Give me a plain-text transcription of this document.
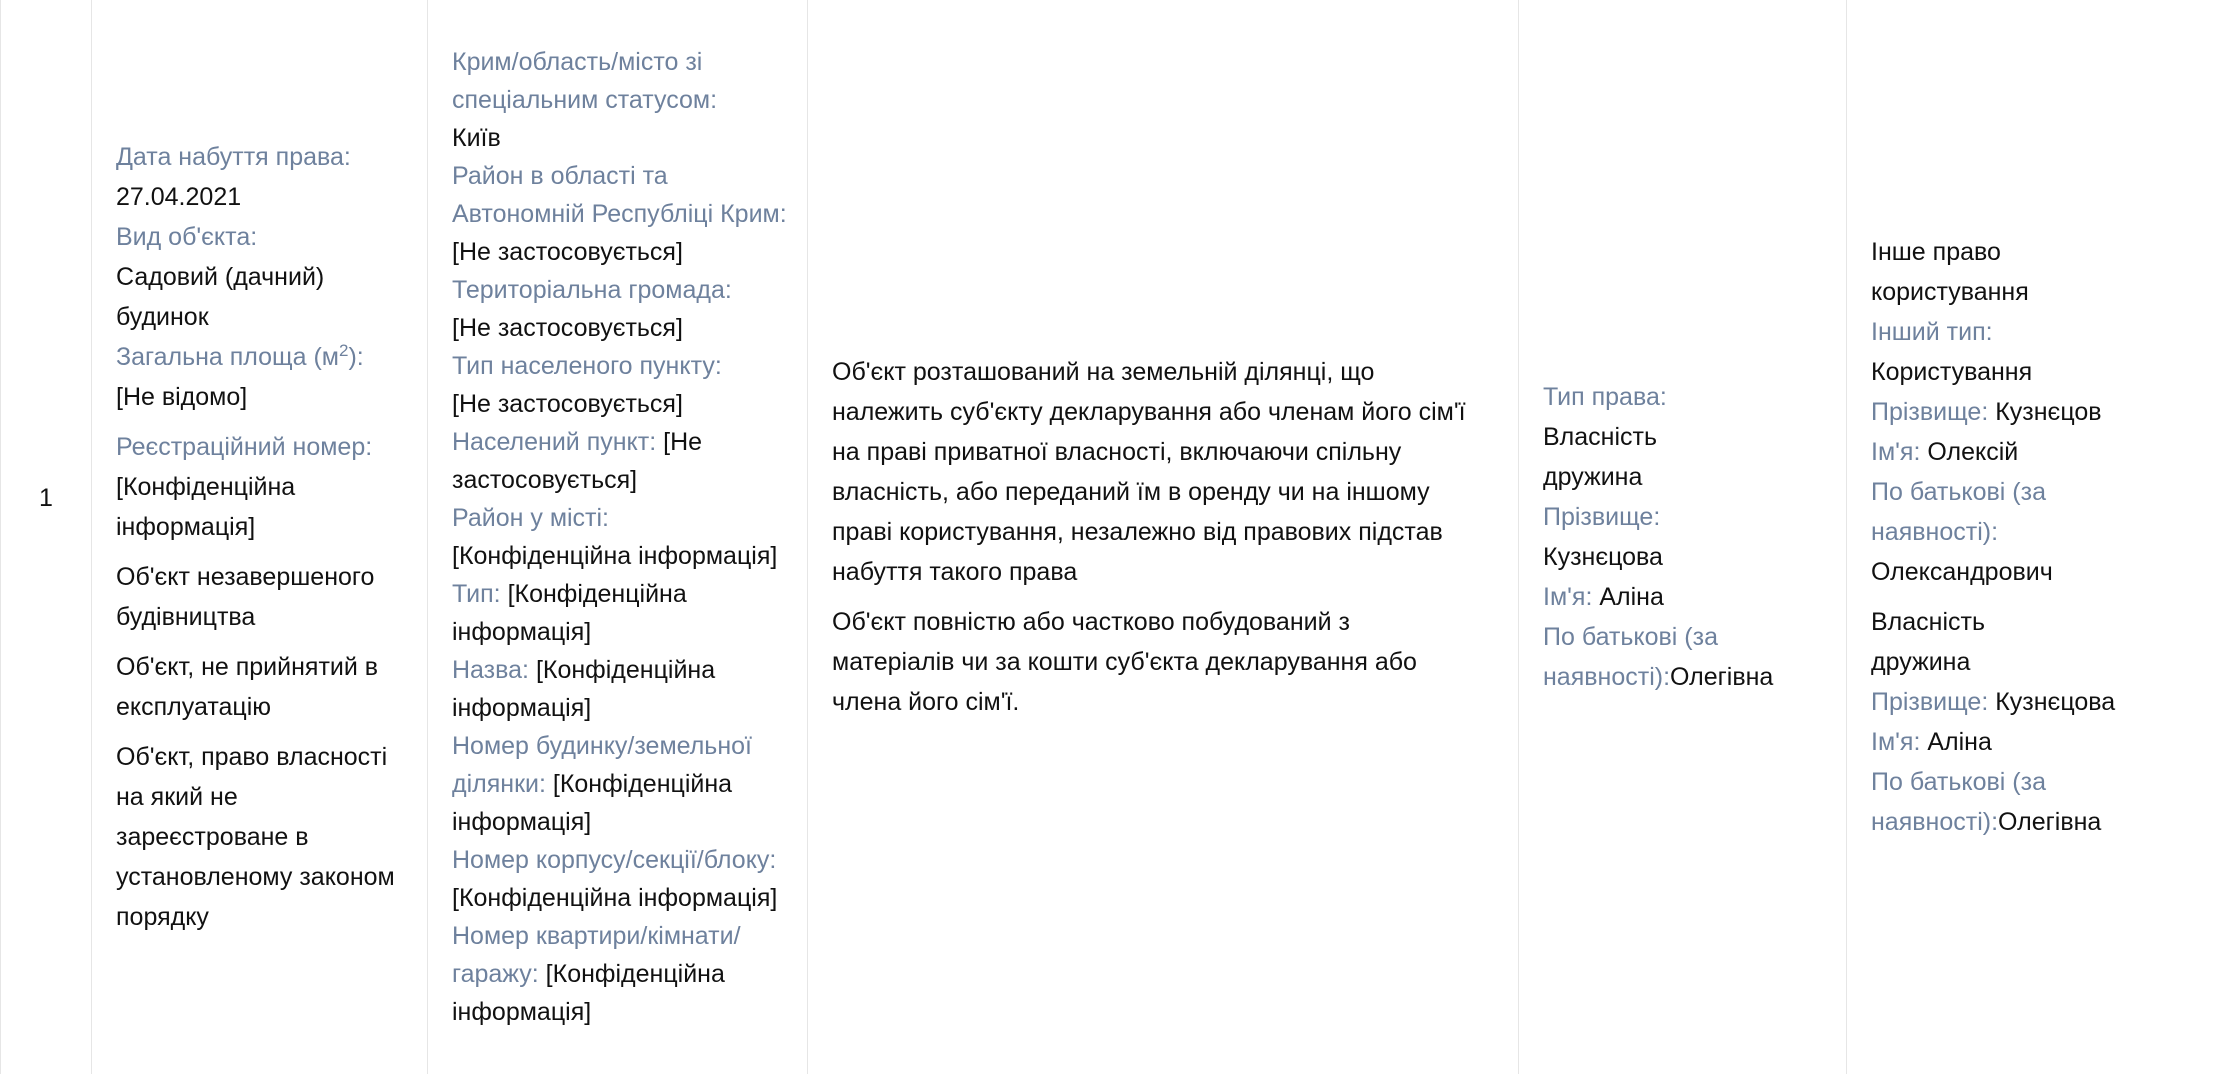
1

Дата набуття права:
27.04.2021
Вид об'єкта:
Садовий (дачний) будинок
Загальна площа $(м^2)$: [Не відомо]

Реєстраційний номер:
[Конфіденційна інформація]

Об'єкт незавершеного будівництва

Об'єкт, не прийнятий в експлуатацію

Об'єкт, право власності на який не зареєстроване в установленому законом порядку

Крим/область/місто зі спеціальним статусом:
Київ
Район в області та Автономній Республіці Крим: [Не застосовується]
Територіальна громада:
[Не застосовується]
Тип населеного пункту:
[Не застосовується]
Населений пункт: [Не застосовується]
Район у місті:
[Конфіденційна інформація]
Тип: [Конфіденційна інформація]
Назва: [Конфіденційна інформація]
Номер будинку/земельної ділянки: [Конфіденційна інформація]
Номер корпусу/секції/блоку: [Конфіденційна інформація]
Номер квартири/кімнати/гаражу: [Конфіденційна інформація]

Об'єкт розташований на земельній ділянці, що належить суб'єкту декларування або членам його сім'ї на праві приватної власності, включаючи спільну власність, або переданий їм в оренду чи на іншому праві користування, незалежно від правових підстав набуття такого права

Об'єкт повністю або частково побудований з матеріалів чи за кошти суб'єкта декларування або члена його сім'ї.

Тип права:
Власність дружина
Прізвище:
Кузнєцова
Ім'я: Аліна
По батькові (за наявності):Олегівна

Інше право користування
Інший тип:
Користування
Прізвище: Кузнєцов
Ім'я: Олексій
По батькові (за наявності):
Олександрович

Власність дружина
Прізвище: Кузнєцова
Ім'я: Аліна
По батькові (за наявності):Олегівна
